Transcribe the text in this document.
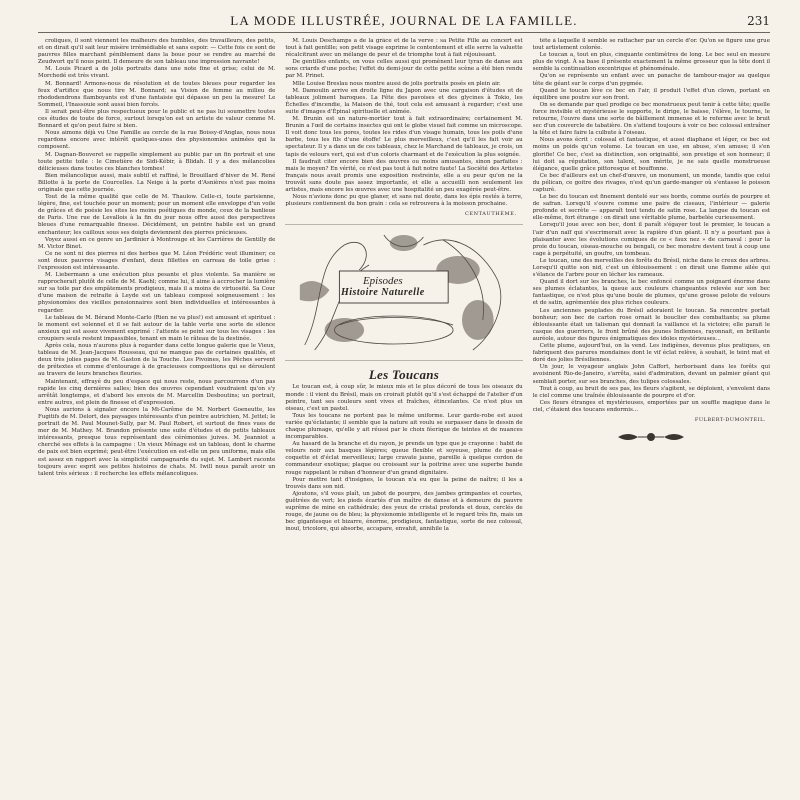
LA MODE ILLUSTRÉE, JOURNAL DE LA FAMILLE.	231

croliques, il sont viennent les malheurs des humbles, des travailleurs, des petits, et on dirait qu'il sait leur misère irrémédiable et sans espoir. — Cette fois ce sont de pauvres filles marchant péniblement dans la boue pour se rendre au marché de Zeudwort qu'il nous peint. Il demeure de son tableau une impression navrante!

M. Louis Picard a de jolis portraits dans une note fine et grise; celui de M. Morchedé est très vivant.

M. Bonnard! Armons-nous de résolution et de toutes bleues pour regarder les feux d'artifice que nous tire M. Bonnard; sa Vision de femme au milieu de rhododendrons flamboyants est d'une fantaisie qui dépasse un peu la mesure! Le Sommeil, l'Inassouie sont aussi bien forcés.

Il serait peut-être plus respectueux pour le public et ne pas lui soumettre toutes ces études de toute de force, surtout lorsqu'on est un artiste de valeur comme M. Bonnard et qu'on peut faire si bien.

Nous aimons déjà vu Une Famille au cercle de la rue Boissy-d'Anglas, nous nous regardons encore avec intérêt quelques-unes des physionomies animées qui la composent.

M. Dagnan-Bouveret se rappelle simplement au public par un fin portrait et une toute petite toile : le Cimetière de Sidi-Kébir, à Blidah. Il y a des mélancolies délicieuses dans toutes ces blanches tombes!

Bien mélancolique aussi, mais subtil et raffiné, le Brouillard d'hiver de M. René Billotte à la porte de Courcelles. La Neige à la porte d'Asnières n'est pas moins originale que cette journée.

Tout de la même qualité que celle de M. Thaulow. Celle-ci, toute parisienne, légère, fine, est touchée pour un moment; pour un moment elle enveloppe d'un voile de grâces et de poésie les sites les moins poétiques du monde, ceux de la banlieue de Paris. Une rue de Levallois à la fin du jour nous offre aussi des perspectives bleues d'une remarquable finesse. Décidément, un peintre habile est un grand enchanteur; les cailloux sous ses doigts deviennent des pierres précieuses.

Voyez aussi en ce genre un Jardinier à Montrouge et les Carrières de Gentilly de M. Victor Binet.

Ce ne sont ni des pierres ni des herbes que M. Léon Frédéric veut illuminer; ce sont deux pauvres visages d'enfant, deux fillettes en carreau de toile grise : l'expression est intéressante.

M. Liebermann a une exécution plus pesante et plus violente. Sa manière se rapprocherait plutôt de celle de M. Kaehl; comme lui, il aime à accrocher la lumière sur sa toile par des empâtements prodigieux, mais il a moins de virtuosité. Sa Cour d'une maison de retraite à Leyde est un tableau composé soigneusement : les physionomies des vieilles pensionnaires sont bien individuelles et intéressantes à regarder.

Le tableau de M. Bérand Monte-Carlo (Rien ne va plus!) est amusant et spirituel : le moment est solennel et il se fait autour de la table verte une sorte de silence anxieux qui est assez vivement exprimé : l'attente se peint sur tous les visages : les croupiers seuls restent impassibles, tenant en main le râteau de la destinée.

Après cela, nous n'aurons plus à regarder dans cette longue galerie que le Vieux, tableau de M. Jean-Jacques Rousseau, qui ne manque pas de certaines qualités, et deux très jolies pages de M. Gaston de la Touche. Les Pivoines, les Pêches servent de prétextes et comme d'entourage à de gracieuses compositions qui se déroulent au travers de leurs branches fleuries.

Maintenant, effrayé du peu d'espace qui nous reste, nous parcourrons d'un pas rapide les cinq dernières salles; bien des œuvres cependant voudraient qu'on s'y arrêtât longtemps, et d'abord les envois de M. Marcellin Desboutins; un portrait, entre autres, est plein de finesse et d'expression.

Nous aurions à signaler encore la Mi-Carême de M. Norbert Goeneutte, les Fugitifs de M. Delort, des paysages intéressants d'un peintre autrichien, M. Jettel; le portrait de M. Paul Mounet-Sully, par M. Paul Robert, et surtout de fines vues de mer de M. Mathey. M. Brandon présente une suite d'études et de petits tableaux intéressants, presque tous représentant des cérémonies juives. M. Jeanniot a cherché ses effets à la campagne : Un vieux Ménage est un tableau, dont le charme de paix est bien exprimé; peut-être l'exécution en est-elle un peu uniforme, mais elle est assez en rapport avec la simplicité campagnarde du sujet. M. Lambert raconte toujours avec esprit ses petites histoires de chats. M. Iwill nous paraît avoir un talent très sérieux : il recherche les effets mélancoliques.

M. Louis Deschamps a de la grâce et de la verve : sa Petite Fille au concert est tout à fait gentille; son petit visage exprime le contentement et elle serre la valuette récalcitrant avec un mélange de peur et de triomphe tout à fait réjouissant.

De gentilles enfants, on vous celles aussi qui promènent leur tyran de danse aux sons criards d'une poche; l'effet du demi-jour de cette petite scène a été bien rendu par M. Prinet.

Mlle Louise Breslau nous montre aussi de jolis portraits posés en plein air.

M. Damoulin arrive en droite ligne du Japon avec une cargaison d'études et de tableaux joliment baroques. La Fête des pavoises et des glycines à Tokio, les Échelles d'incendie, la Maison de thé, tout cela est amusant à regarder; c'est une suite d'images d'Épinal spirituelle et animée.

M. Brunin est un nature-mortier tout à fait extraordinaire; certainement M. Brunin a l'œil de certains insectes qui ont le globe visuel fait comme un microscope. Il voit donc tous les pores, toutes les rides d'un visage humain, tous les poils d'une barbe, tous les fils d'une étoffe! Le plus merveilleux, c'est qu'il les fait voir au spectateur. Il y a dans un de ces tableaux, chez le Marchand de tableaux, je crois, un tapis de velours vert, qui est d'un coloris charmant et de l'exécution la plus soignée.

Il faudrait citer encore bien des œuvres ou moins amusantes, sinon parfaites : mais le moyen? En vérité, ce n'est pas tout à fait notre faute! La Société des Artistes français nous avait promis une exposition restreinte, elle a eu peur qu'on ne la trouvât sans doute pas assez importante, et elle a accueilli non seulement les artistes, mais encore les œuvres avec une hospitalité un peu exagérée peut-être.

Nous n'avions donc pu que glaner, et sans nul doute, dans les épis restés à terre, plusieurs contiennent du bon grain : cela se retrouvera à la moisson prochaine.

CENTAUTHÈME.
Episodes
Histoire Naturelle
Les Toucans

Le toucan est, à coup sûr, le mieux mis et le plus décoré de tous les oiseaux du monde : il vient du Brésil, mais on croirait plutôt qu'il s'est échappé de l'atelier d'un peintre, tant ses couleurs sont vives et fraîches, étincelantes. Ce n'est plus un oiseau, c'est un pastel.

Tous les toucans ne portent pas le même uniforme. Leur garde-robe est aussi variée qu'éclatante; il semble que la nature ait voulu se surpasser dans le dessin de chaque plumage, qu'elle y ait réussi par le choix féerique de teintes et de nuances incomparables.

Au hasard de la branche et du rayon, je prends un type que je crayonne : habit de velours noir aux basques légères; queue flexible et soyeuse, plume de geai-e coquette et d'éclat merveilleux; large cravate jaune, pareille à quelque cordon de commandeur exotique; plaque ou croissant sur la poitrine avec une superbe bande rouge rappelant le ruban d'honneur d'un grand dignitaire.

Pour mettre tant d'insignes, le toucan n'a eu que la peine de naître; il les a trouvés dans son nid.

Ajoutons, s'il vous plaît, un jabot de pourpre, des jambes grimpantes et courtes, guêtrées de vert; les pieds écartés d'un maître de danse et à demeure du pauvre suprême de mine en cathédrale; des yeux de cristal profonds et doux, cerclés de rouge, de jaune ou de bleu; la physionomie intelligente et le regard très fin, mais un bec gigantesque et bizarre, énorme, prodigieux, fantastique, sorte de nez colossal, inouï, tricolore, qui absorbe, accapare, envahit, annihile la

tête à laquelle il semble se rattacher par un cercle d'or. Qu'on se figure une grue tout artistement colorée.

Le toucan a, tout en plus, cinquante centimètres de long. Le bec seul en mesure plus de vingt. À sa base il présente exactement la même grosseur que la tête dont il semble la continuation excentrique et phénoménale.

Qu'on se représente un enfant avec un panache de tambour-major au quelque tête de géant sur le corps d'un pygmée.

Quand le toucan lève ce bec en l'air, il produit l'effet d'un clown, portant en équilibre une poutre sur son front.

On se demande par quel prodige ce bec monstrueux peut tenir à cette tête; quelle force invisible et mystérieuse le supporte, le dirige, le baisse, l'élève, le tourne, le retourne, l'ouvre dans une sorte de bâillement immense et le referme avec le bruit sec d'un couvercle de tabatière. On s'attend toujours à voir ce bec colossal entraîner la tête et faire faire la culbute à l'oiseau.

Nous avons écrit : colossal et fantastique, et aussi diaphane et léger, ce bec est moins un poids qu'un volume. Le toucan en use, en abuse, s'en amuse; il s'en glorifie! Ce bec, c'est sa distinction, son originalité, son prestige et son honneur; il lui doit sa réputation, son talent, son mérite, je ne sais quelle monstrueuse élégance, quelle grâce pittoresque et bouffonne.

Ce bec d'ailleurs est un chef-d'œuvre, un monument, un monde, tandis que celui du pélican, ce goitre des rivages, n'est qu'un garde-manger où s'entasse le poisson capturé.

Le bec du toucan est finement dentelé sur ses bords, comme ourlés de pourpre et de safran. Lorsqu'il s'ouvre comme une paire de ciseaux, l'intérieur — galerie profonde et secrète — apparaît tout tendu de satin rose. La langue du toucan est elle-même, fort étrange : on dirait une véritable plume, barbelée curieusement.

Lorsqu'il joue avec son bec, dont il paraît s'égayer tout le premier, le toucan a l'air d'un naïf qui s'escrimerait avec la rapière d'un géant. Il n'y a pourtant pas à plaisanter avec les évolutions comiques de ce « faux nez » de carnaval : pour la proie du toucan, oiseau-mouche ou bengali, ce bec monstre devient tout à coup une cage à perpétuité, un goufre, un tombeau.

Le toucan, une des merveilles des forêts du Brésil, niche dans le creux des arbres. Lorsqu'il quitte son nid, c'est un éblouissement : on dirait une flamme ailée qui s'élance de l'arbre pour en lécher les rameaux.

Quand il dort sur les branches, le bec enfoncé comme un poignard énorme dans ses plumes éclatantes, la queue aux couleurs changeantes relevée sur son bec fantastique, ce n'est plus qu'une boule de plumes, qu'une grosse pelote de velours et de satin, agrémentée des plus riches couleurs.

Les anciennes peuplades du Brésil adoraient le toucan. Sa rencontre portait bonheur; son bec de carton rose ornait le bouclier des combattants; sa plume éblouissante était un talisman qui donnait la vaillance et la victoire; elle parait le casque des guerriers, le front brûné des jeunes Indiennes, rayonnait, en brillante auréole, autour des figures énigmatiques des idoles mystérieuses...

Cette plume, aujourd'hui, on la vend. Les indigènes, devenus plus pratiques, en fabriquent des parures mondaines dont le vif éclat relève, à souhait, le teint mat et doré des jolies Brésiliennes.

Un jour, le voyageur anglais John Caffort, herborisant dans les forêts qui avoisinent Rio-de-Janeiro, s'arrêta, saisi d'admiration, devant un palmier géant qui semblait porter, sur ses branches, des tulipes colossales.

Tout à coup, au bruit de ses pas, les fleurs s'agitent, se déploient, s'envolent dans le ciel comme une traînée éblouissante de pourpre et d'or.

Ces fleurs étranges et mystérieuses, emportées par un souffle magique dans le ciel, c'étaient des toucans endormis...

FULBERT-DUMONTEIL.
